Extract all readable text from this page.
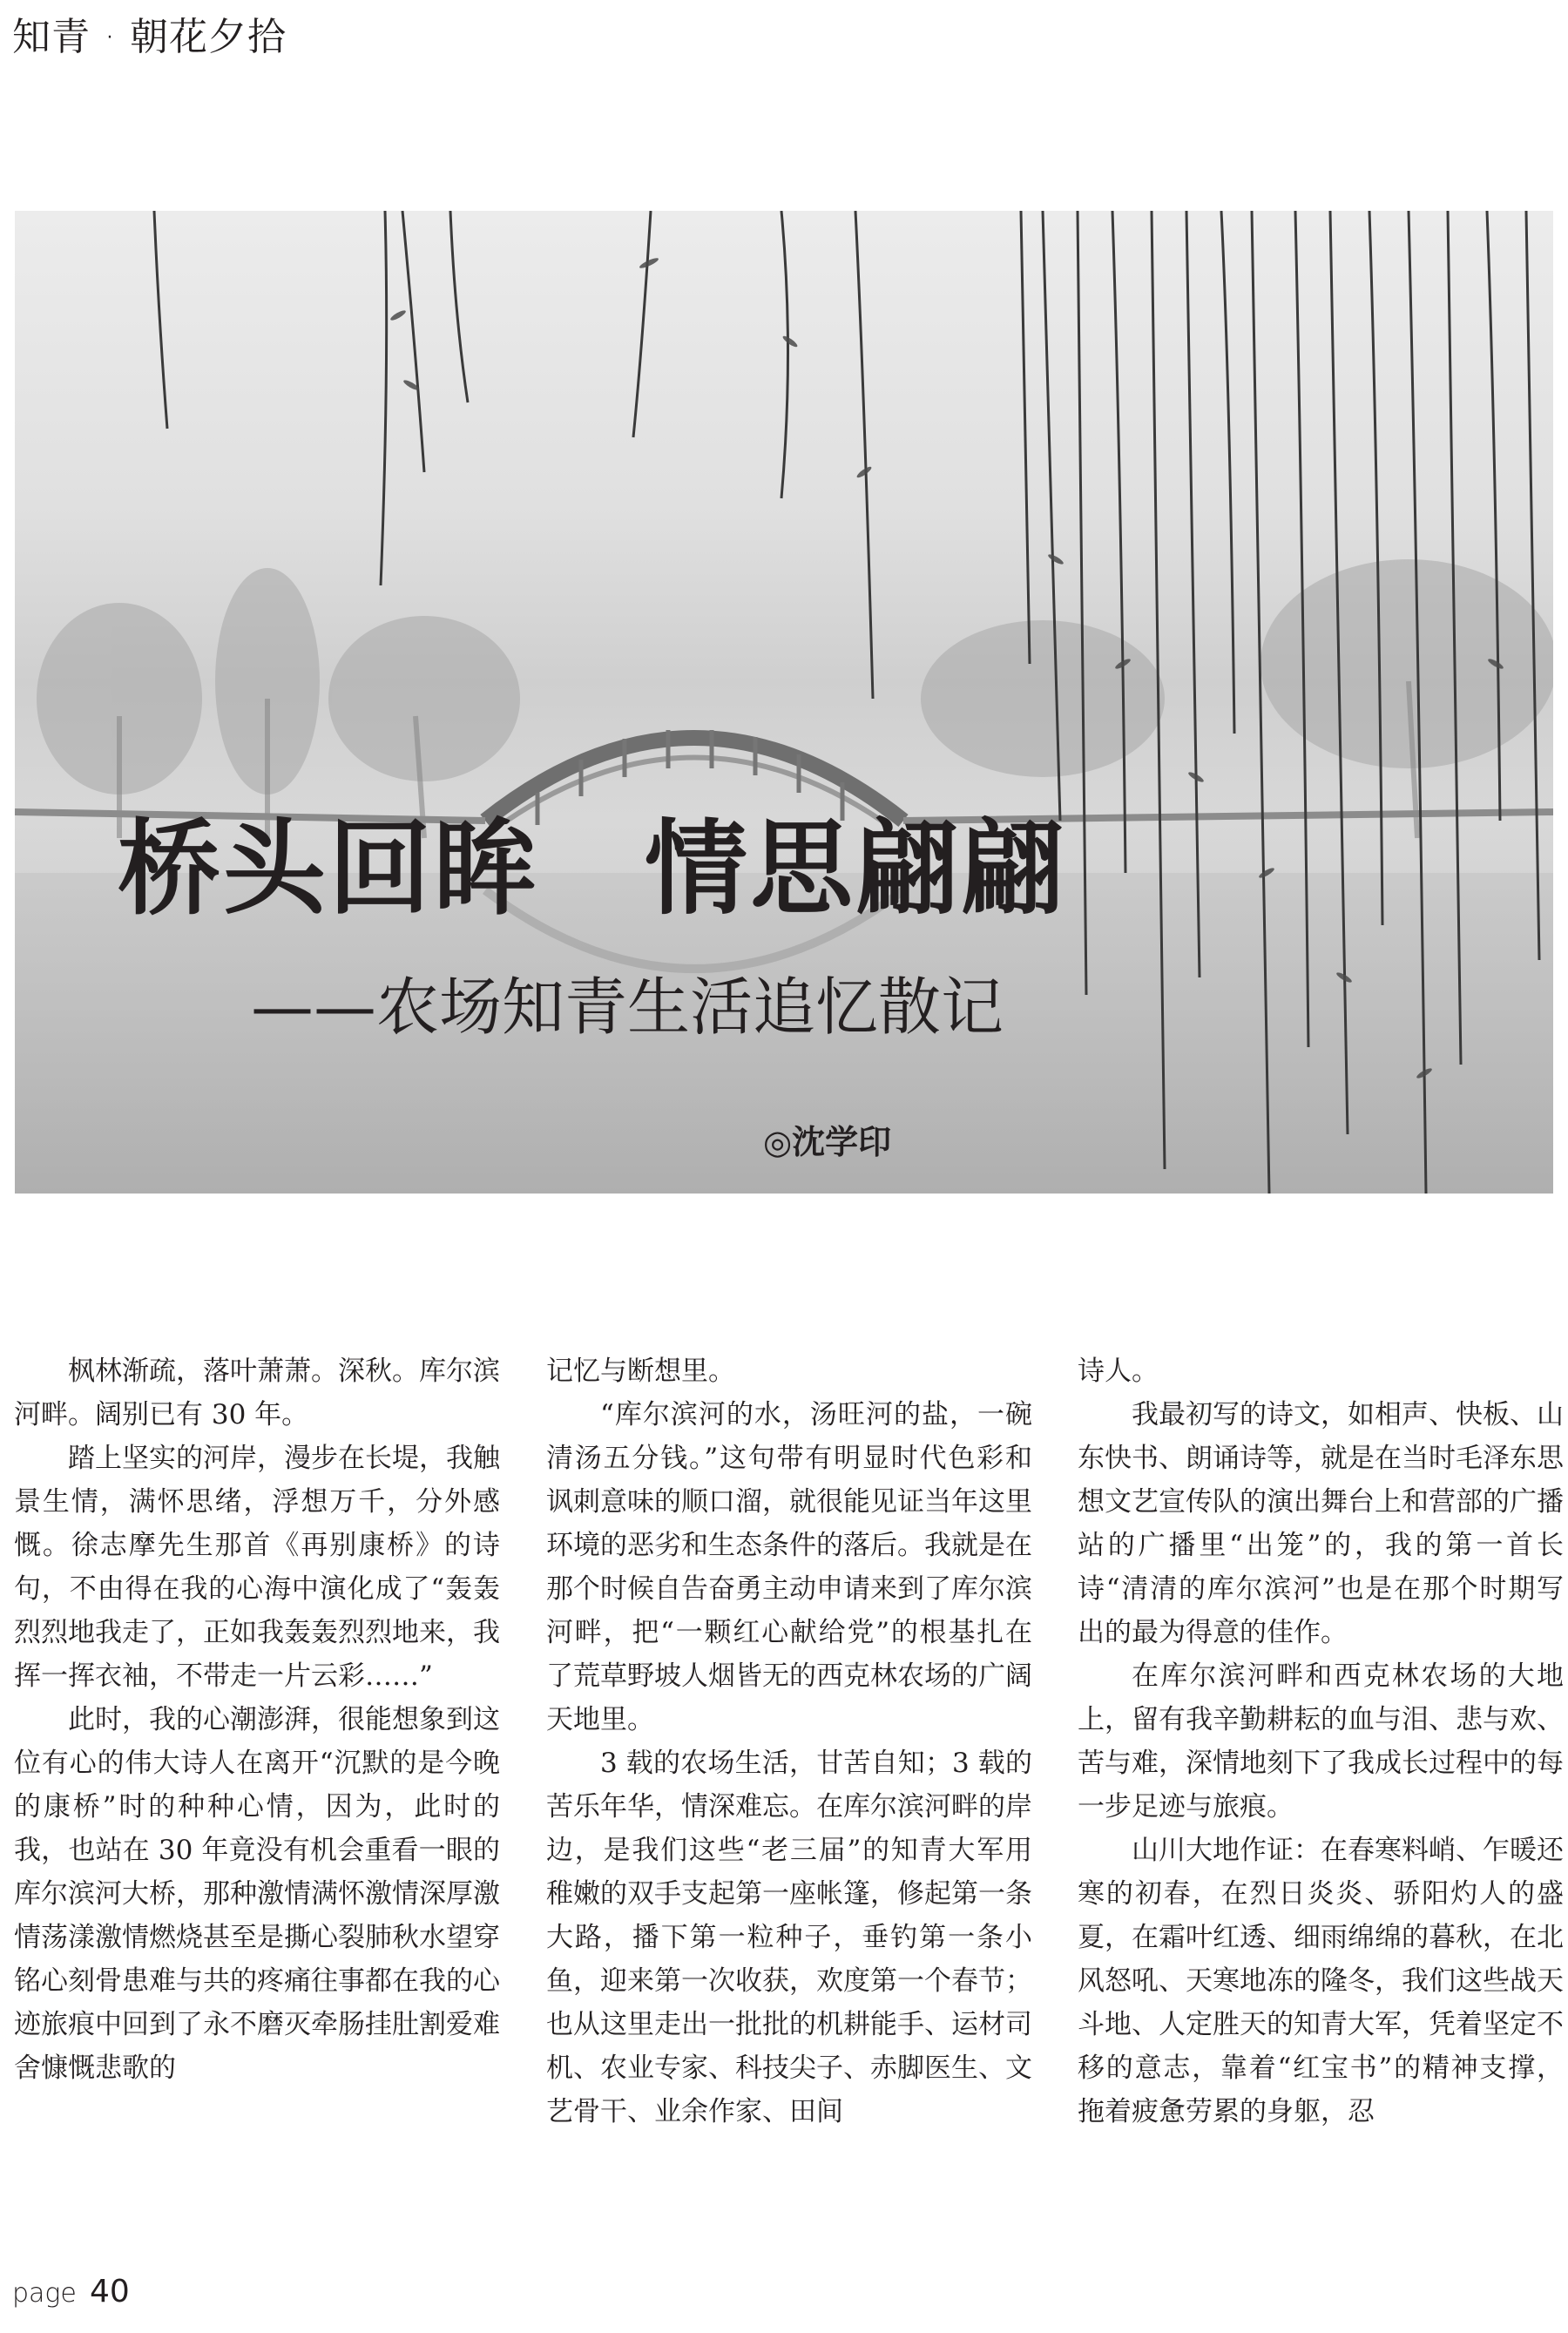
知青 · 朝花夕拾
桥头回眸　情思翩翩
——农场知青生活追忆散记
◎沈学印

枫林渐疏，落叶萧萧。深秋。库尔滨河畔。阔别已有 30 年。

踏上坚实的河岸，漫步在长堤，我触景生情，满怀思绪，浮想万千，分外感慨。徐志摩先生那首《再别康桥》的诗句，不由得在我的心海中演化成了“轰轰烈烈地我走了，正如我轰轰烈烈地来，我挥一挥衣袖，不带走一片云彩……”

此时，我的心潮澎湃，很能想象到这位有心的伟大诗人在离开“沉默的是今晚的康桥”时的种种心情，因为，此时的我，也站在 30 年竟没有机会重看一眼的库尔滨河大桥，那种激情满怀激情深厚激情荡漾激情燃烧甚至是撕心裂肺秋水望穿铭心刻骨患难与共的疼痛往事都在我的心迹旅痕中回到了永不磨灭牵肠挂肚割爱难舍慷慨悲歌的

记忆与断想里。

“库尔滨河的水，汤旺河的盐，一碗清汤五分钱。”这句带有明显时代色彩和讽刺意味的顺口溜，就很能见证当年这里环境的恶劣和生态条件的落后。我就是在那个时候自告奋勇主动申请来到了库尔滨河畔，把“一颗红心献给党”的根基扎在了荒草野坡人烟皆无的西克林农场的广阔天地里。

3 载的农场生活，甘苦自知；3 载的苦乐年华，情深难忘。在库尔滨河畔的岸边，是我们这些“老三届”的知青大军用稚嫩的双手支起第一座帐篷，修起第一条大路，播下第一粒种子，垂钓第一条小鱼，迎来第一次收获，欢度第一个春节；也从这里走出一批批的机耕能手、运材司机、农业专家、科技尖子、赤脚医生、文艺骨干、业余作家、田间

诗人。

我最初写的诗文，如相声、快板、山东快书、朗诵诗等，就是在当时毛泽东思想文艺宣传队的演出舞台上和营部的广播站的广播里“出笼”的，我的第一首长诗“清清的库尔滨河”也是在那个时期写出的最为得意的佳作。

在库尔滨河畔和西克林农场的大地上，留有我辛勤耕耘的血与泪、悲与欢、苦与难，深情地刻下了我成长过程中的每一步足迹与旅痕。

山川大地作证：在春寒料峭、乍暖还寒的初春，在烈日炎炎、骄阳灼人的盛夏，在霜叶红透、细雨绵绵的暮秋，在北风怒吼、天寒地冻的隆冬，我们这些战天斗地、人定胜天的知青大军，凭着坚定不移的意志，靠着“红宝书”的精神支撑，拖着疲惫劳累的身躯，忍

page 40
